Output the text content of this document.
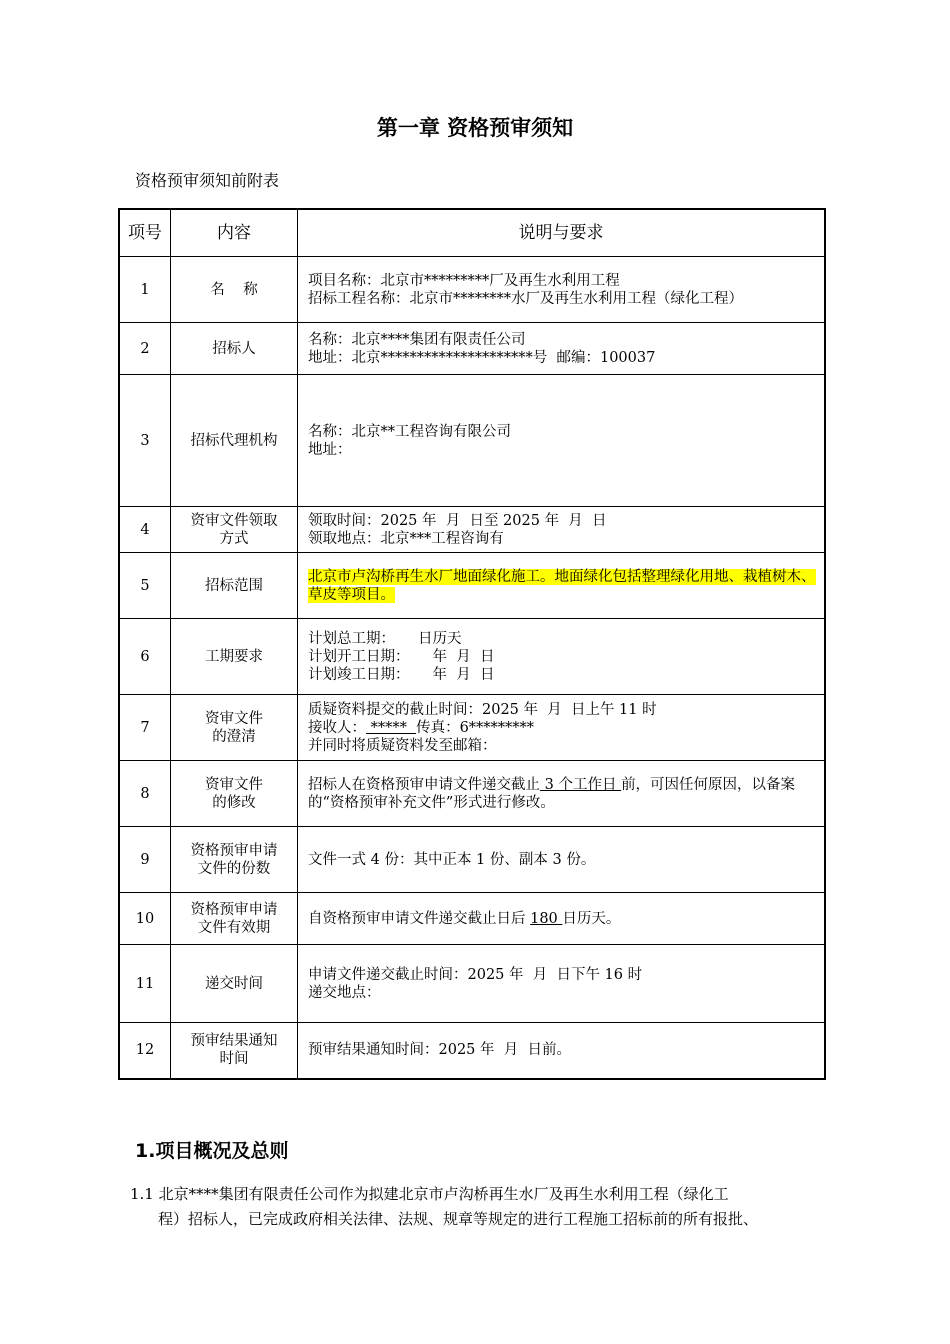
第一章 资格预审须知
资格预审须知前附表
项号	内容	说明与要求
1	名    称	项目名称：北京市*********厂及再生水利用工程
招标工程名称：北京市********水厂及再生水利用工程（绿化工程）

2	招标人	名称：北京****集团有限责任公司
地址：北京*********************号  邮编：100037

3	招标代理机构	名称：北京**工程咨询有限公司
地址：

4	资审文件领取
方式	领取时间：2025 年  月  日至 2025 年  月  日
领取地点：北京***工程咨询有

5	招标范围	北京市卢沟桥再生水厂地面绿化施工。地面绿化包括整理绿化用地、栽植树木、草皮等项目。
6	工期要求	计划总工期：     日历天
计划开工日期：     年  月  日
计划竣工日期：     年  月  日

7	资审文件
的澄清	质疑资料提交的截止时间：2025 年  月  日上午 11 时
接收人： *****  传真：6*********
并同时将质疑资料发至邮箱：

8	资审文件
的修改	招标人在资格预审申请文件递交截止 3 个工作日 前，可因任何原因，以备案的“资格预审补充文件”形式进行修改。
9	资格预审申请
文件的份数	文件一式 4 份：其中正本 1 份、副本 3 份。

10	资格预审申请
文件有效期	自资格预审申请文件递交截止日后 180 日历天。

11	递交时间	申请文件递交截止时间：2025 年  月  日下午 16 时
递交地点：

12	预审结果通知
时间	预审结果通知时间：2025 年  月  日前。
1.项目概况及总则
1.1 北京****集团有限责任公司作为拟建北京市卢沟桥再生水厂及再生水利用工程（绿化工
程）招标人，已完成政府相关法律、法规、规章等规定的进行工程施工招标前的所有报批、
